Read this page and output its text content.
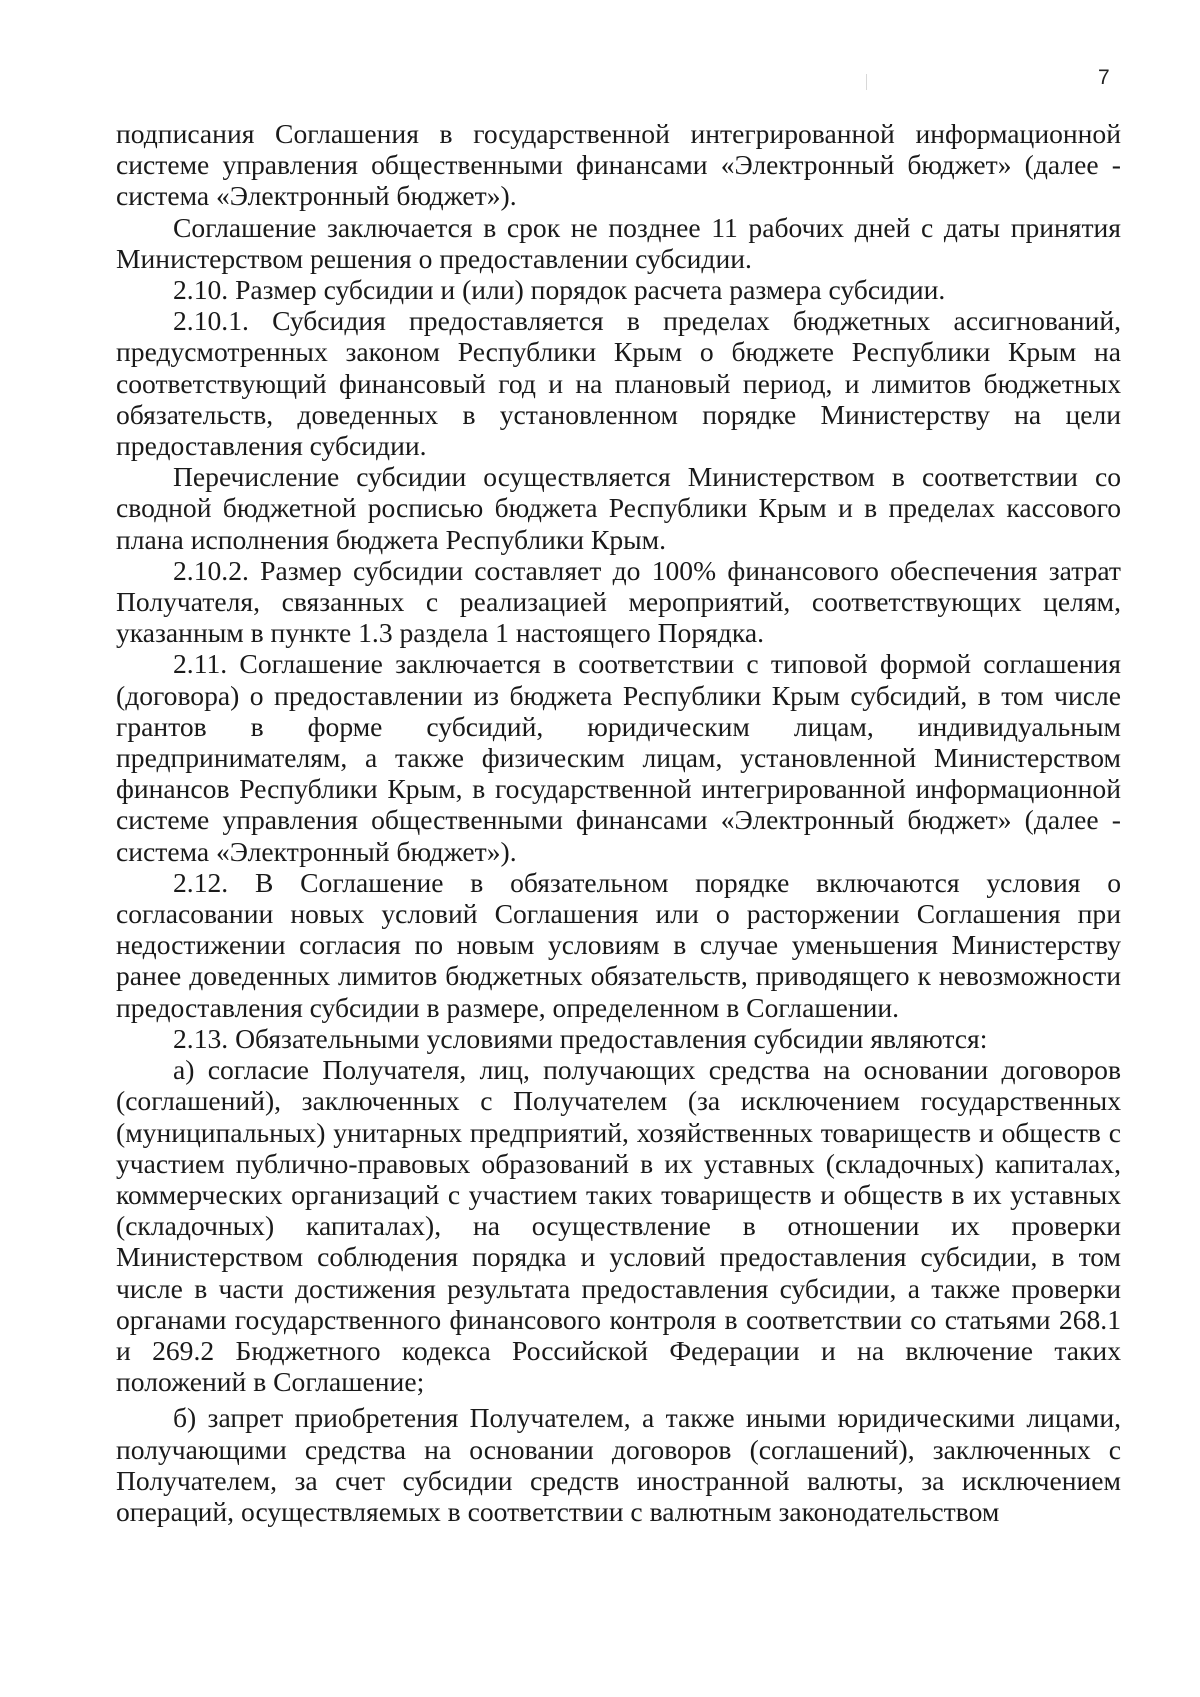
7

подписания Соглашения в государственной интегрированной информационной системе управления общественными финансами «Электронный бюджет» (далее - система «Электронный бюджет»).

Соглашение заключается в срок не позднее 11 рабочих дней с даты принятия Министерством решения о предоставлении субсидии.

2.10. Размер субсидии и (или) порядок расчета размера субсидии.

2.10.1. Субсидия предоставляется в пределах бюджетных ассигнований, предусмотренных законом Республики Крым о бюджете Республики Крым на соответствующий финансовый год и на плановый период, и лимитов бюджетных обязательств, доведенных в установленном порядке Министерству на цели предоставления субсидии.

Перечисление субсидии осуществляется Министерством в соответствии со сводной бюджетной росписью бюджета Республики Крым и в пределах кассового плана исполнения бюджета Республики Крым.

2.10.2. Размер субсидии составляет до 100% финансового обеспечения затрат Получателя, связанных с реализацией мероприятий, соответствующих целям, указанным в пункте 1.3 раздела 1 настоящего Порядка.

2.11. Соглашение заключается в соответствии с типовой формой соглашения (договора) о предоставлении из бюджета Республики Крым субсидий, в том числе грантов в форме субсидий, юридическим лицам, индивидуальным предпринимателям, а также физическим лицам, установленной Министерством финансов Республики Крым, в государственной интегрированной информационной системе управления общественными финансами «Электронный бюджет» (далее - система «Электронный бюджет»).

2.12. В Соглашение в обязательном порядке включаются условия о согласовании новых условий Соглашения или о расторжении Соглашения при недостижении согласия по новым условиям в случае уменьшения Министерству ранее доведенных лимитов бюджетных обязательств, приводящего к невозможности предоставления субсидии в размере, определенном в Соглашении.

2.13. Обязательными условиями предоставления субсидии являются:

а) согласие Получателя, лиц, получающих средства на основании договоров (соглашений), заключенных с Получателем (за исключением государственных (муниципальных) унитарных предприятий, хозяйственных товариществ и обществ с участием публично-правовых образований в их уставных (складочных) капиталах, коммерческих организаций с участием таких товариществ и обществ в их уставных (складочных) капиталах), на осуществление в отношении их проверки Министерством соблюдения порядка и условий предоставления субсидии, в том числе в части достижения результата предоставления субсидии, а также проверки органами государственного финансового контроля в соответствии со статьями 268.1 и 269.2 Бюджетного кодекса Российской Федерации и на включение таких положений в Соглашение;

б) запрет приобретения Получателем, а также иными юридическими лицами, получающими средства на основании договоров (соглашений), заключенных с Получателем, за счет субсидии средств иностранной валюты, за исключением операций, осуществляемых в соответствии с валютным законодательством
